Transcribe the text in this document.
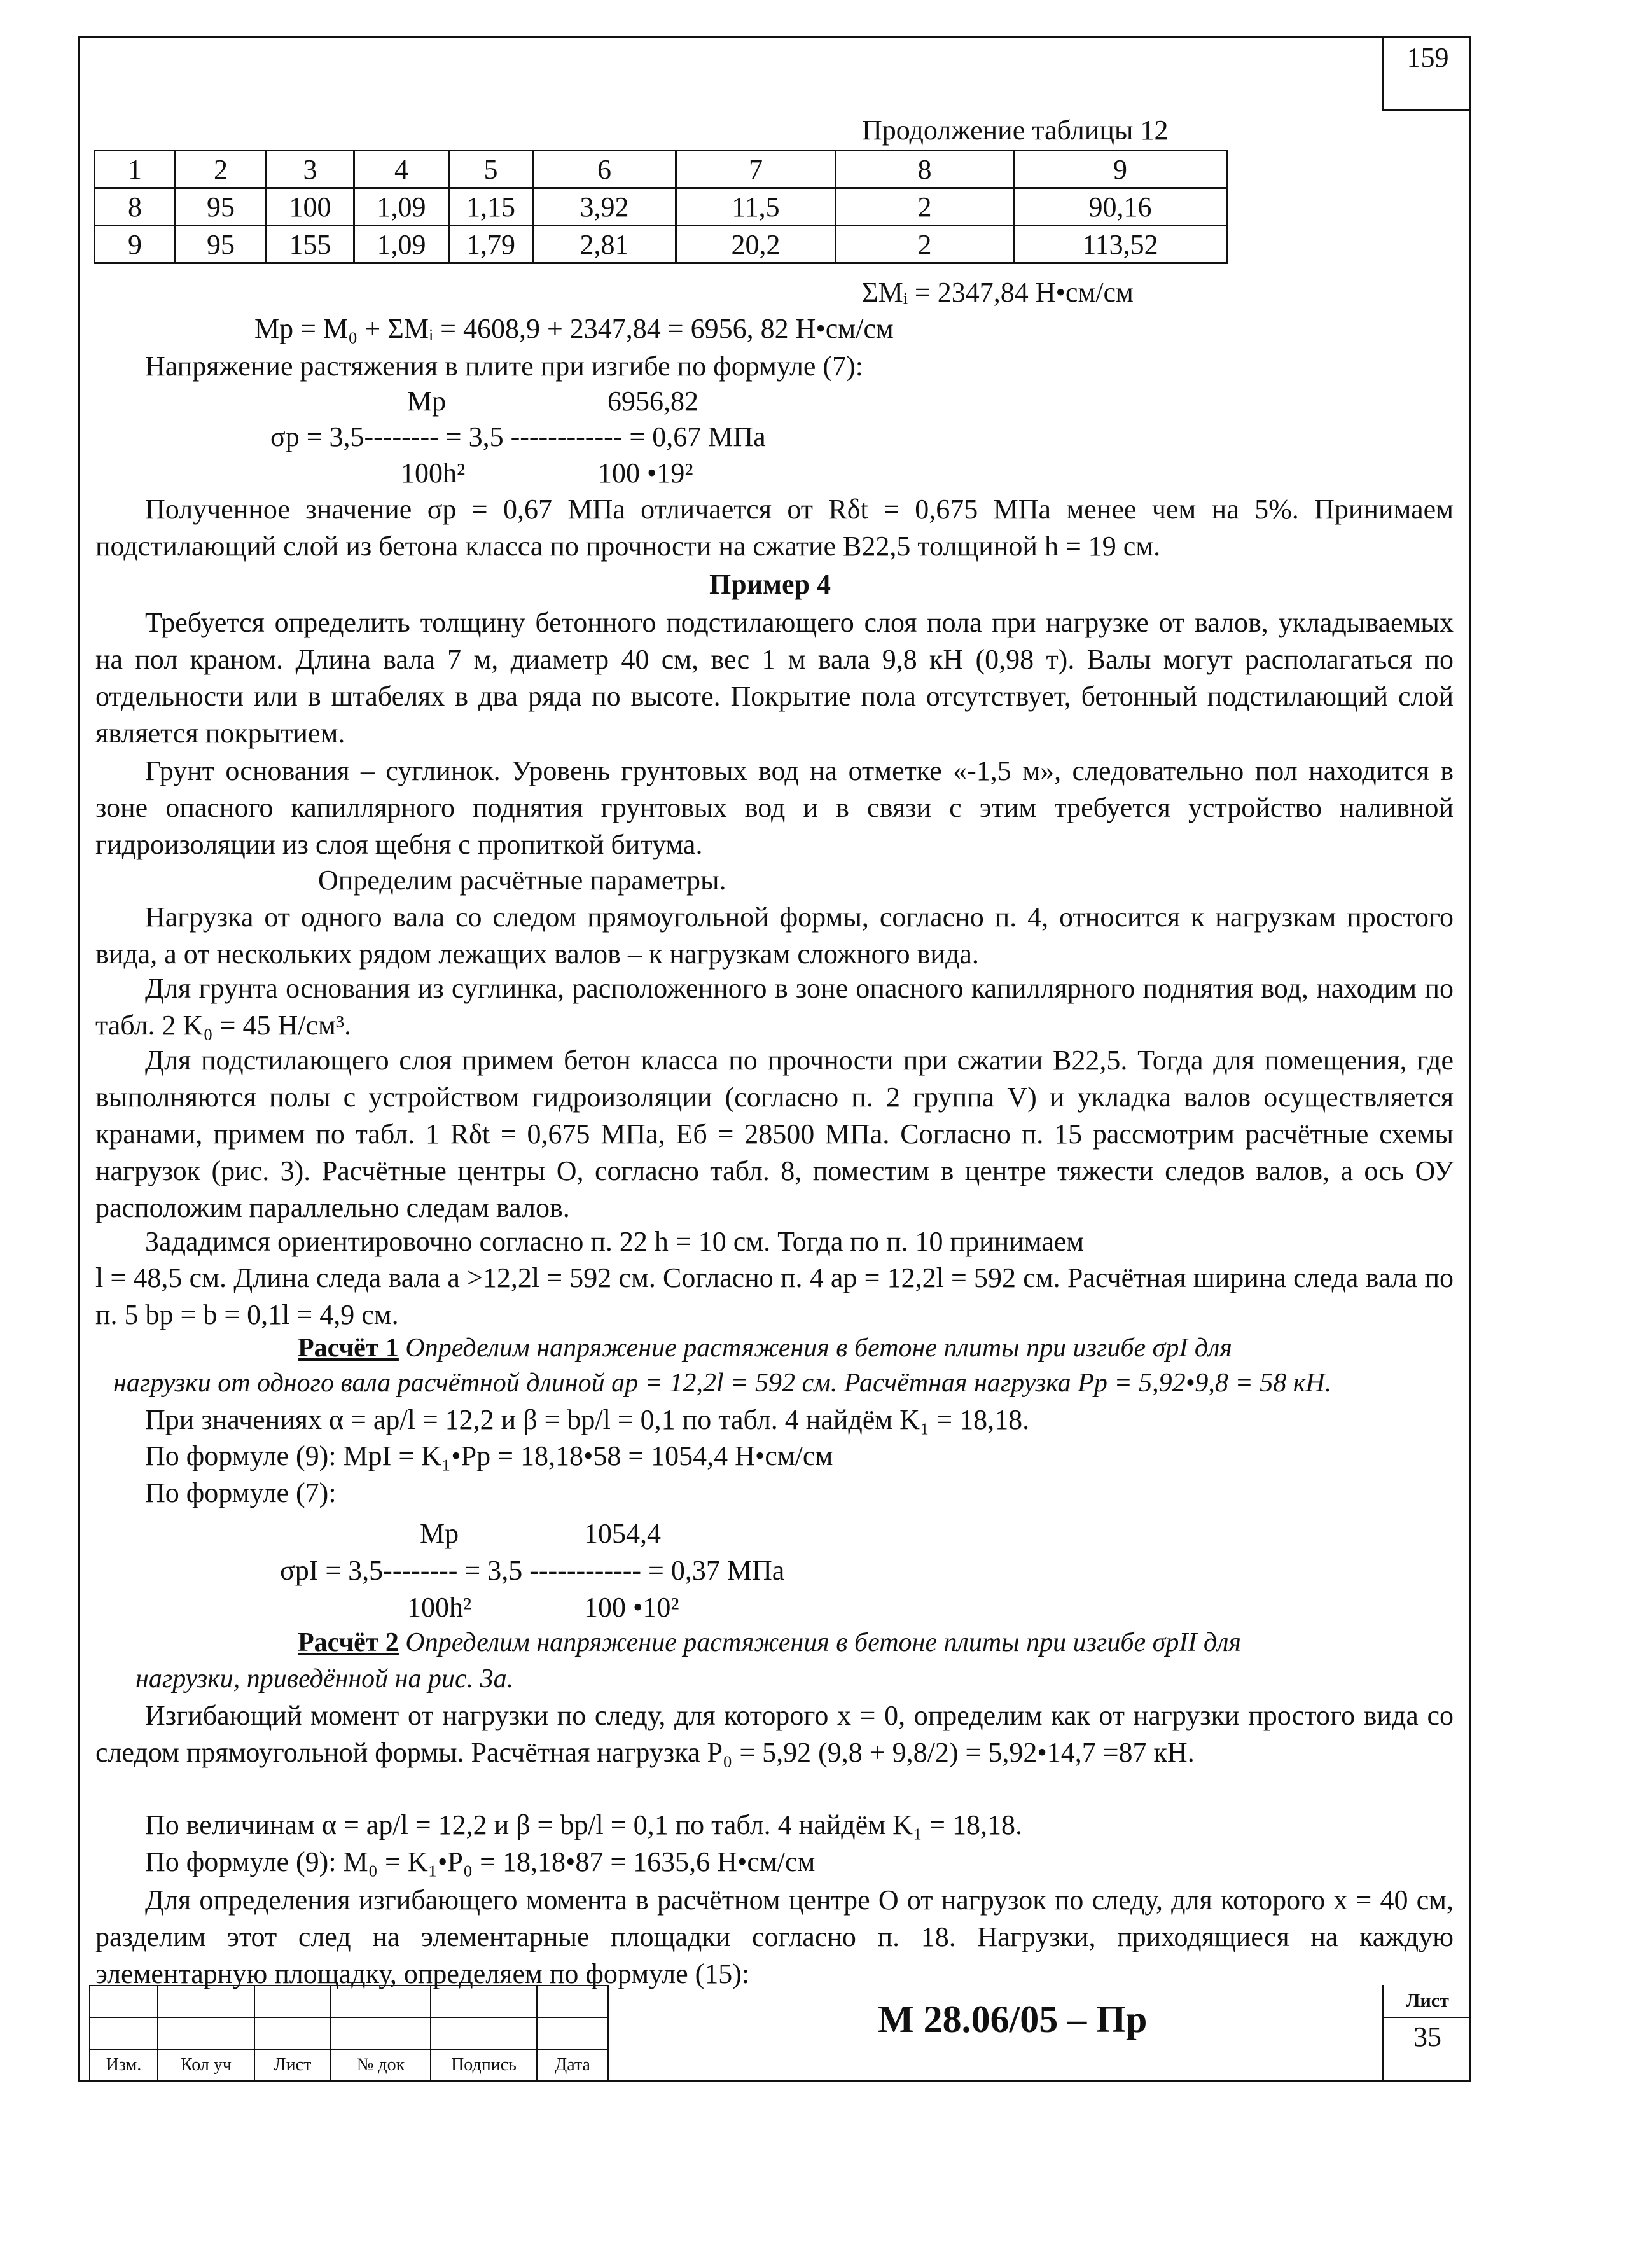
159
Продолжение таблицы 12
1	2	3	4	5	6	7	8	9
8	95	100	1,09	1,15	3,92	11,5	2	90,16
9	95	155	1,09	1,79	2,81	20,2	2	113,52
ΣMᵢ = 2347,84 Н•см/см
Mр = M₀ + ΣMᵢ = 4608,9 + 2347,84 = 6956, 82 Н•см/см
Напряжение растяжения в плите при изгибе по формуле (7):
Mр	6956,82
σр = 3,5-------- = 3,5 ------------ = 0,67 МПа
100h²	100 •19²
Полученное значение σр = 0,67 МПа отличается от Rδt = 0,675 МПа менее чем на 5%. Принимаем подстилающий слой из бетона класса по прочности на сжатие В22,5 толщиной h = 19 см.
Пример 4
Требуется определить толщину бетонного подстилающего слоя пола при нагрузке от валов, укладываемых на пол краном. Длина вала 7 м, диаметр 40 см, вес 1 м вала 9,8 кН (0,98 т). Валы могут располагаться по отдельности или в штабелях в два ряда по высоте. Покрытие пола отсутствует, бетонный подстилающий слой является покрытием.
Грунт основания – суглинок. Уровень грунтовых вод на отметке «-1,5 м», следовательно пол находится в зоне опасного капиллярного поднятия грунтовых вод и в связи с этим требуется устройство наливной гидроизоляции из слоя щебня с пропиткой битума.
Определим расчётные параметры.
Нагрузка от одного вала со следом прямоугольной формы, согласно п. 4, относится к нагрузкам простого вида, а от нескольких рядом лежащих валов – к нагрузкам сложного вида.
Для грунта основания из суглинка, расположенного в зоне опасного капиллярного поднятия вод, находим по табл. 2 K₀ = 45 Н/см³.
Для подстилающего слоя примем бетон класса по прочности при сжатии В22,5. Тогда для помещения, где выполняются полы с устройством гидроизоляции (согласно п. 2 группа V) и укладка валов осуществляется кранами, примем по табл. 1 Rδt = 0,675 МПа, Eб = 28500 МПа. Согласно п. 15 рассмотрим расчётные схемы нагрузок (рис. 3). Расчётные центры О, согласно табл. 8, поместим в центре тяжести следов валов, а ось ОУ расположим параллельно следам валов.
Зададимся ориентировочно согласно п. 22 h = 10 см. Тогда по п. 10 принимаем
l = 48,5 см. Длина следа вала a >12,2l = 592 см. Согласно п. 4 aр = 12,2l = 592 см. Расчётная ширина следа вала по п. 5 bр = b = 0,1l = 4,9 см.
Расчёт 1 Определим напряжение растяжения в бетоне плиты при изгибе σрI для
нагрузки от одного вала расчётной длиной aр = 12,2l = 592 см. Расчётная нагрузка Pр = 5,92•9,8 = 58 кН.
При значениях α = aр/l = 12,2 и β = bр/l = 0,1 по табл. 4 найдём K₁ = 18,18.
По формуле (9): MрI = K₁•Pр = 18,18•58 = 1054,4 Н•см/см
По формуле (7):
Mр	1054,4
σрI = 3,5-------- = 3,5 ------------ = 0,37 МПа
100h²	100 •10²
Расчёт 2 Определим напряжение растяжения в бетоне плиты при изгибе σрII для
нагрузки, приведённой на рис. 3а.
Изгибающий момент от нагрузки по следу, для которого x = 0, определим как от нагрузки простого вида со следом прямоугольной формы. Расчётная нагрузка P₀ = 5,92 (9,8 + 9,8/2) = 5,92•14,7 =87 кН.
По величинам α = aр/l = 12,2 и β = bр/l = 0,1 по табл. 4 найдём K₁ = 18,18.
По формуле (9): M₀ = K₁•P₀ = 18,18•87 = 1635,6 Н•см/см
Для определения изгибающего момента в расчётном центре О от нагрузок по следу, для которого x = 40 см, разделим этот след на элементарные площадки согласно п. 18. Нагрузки, приходящиеся на каждую элементарную площадку, определяем по формуле (15):

Изм.	Кол уч	Лист	№ док	Подпись	Дата
М 28.06/05 – Пр	Лист
35
